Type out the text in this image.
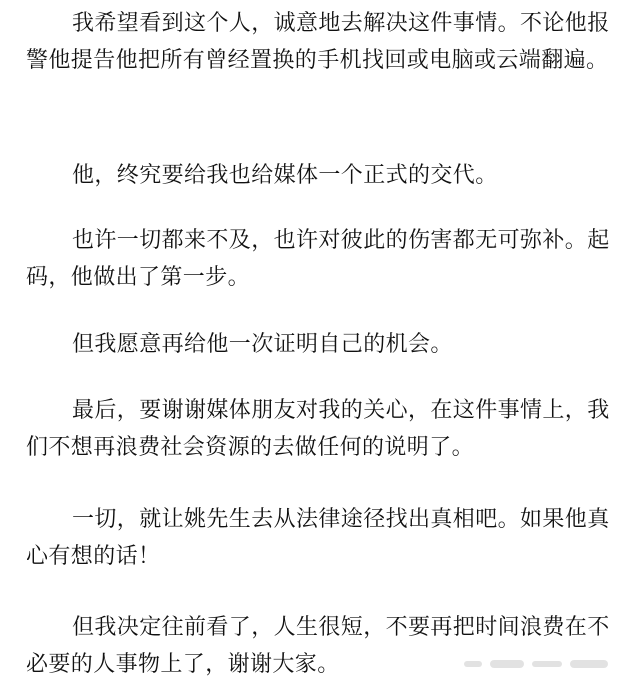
我希望看到这个人，诚意地去解决这件事情。不论他报警他提告他把所有曾经置换的手机找回或电脑或云端翻遍。

他，终究要给我也给媒体一个正式的交代。

也许一切都来不及，也许对彼此的伤害都无可弥补。起码，他做出了第一步。

但我愿意再给他一次证明自己的机会。

最后，要谢谢媒体朋友对我的关心，在这件事情上，我们不想再浪费社会资源的去做任何的说明了。

一切，就让姚先生去从法律途径找出真相吧。如果他真心有想的话！

但我决定往前看了，人生很短，不要再把时间浪费在不必要的人事物上了，谢谢大家。
